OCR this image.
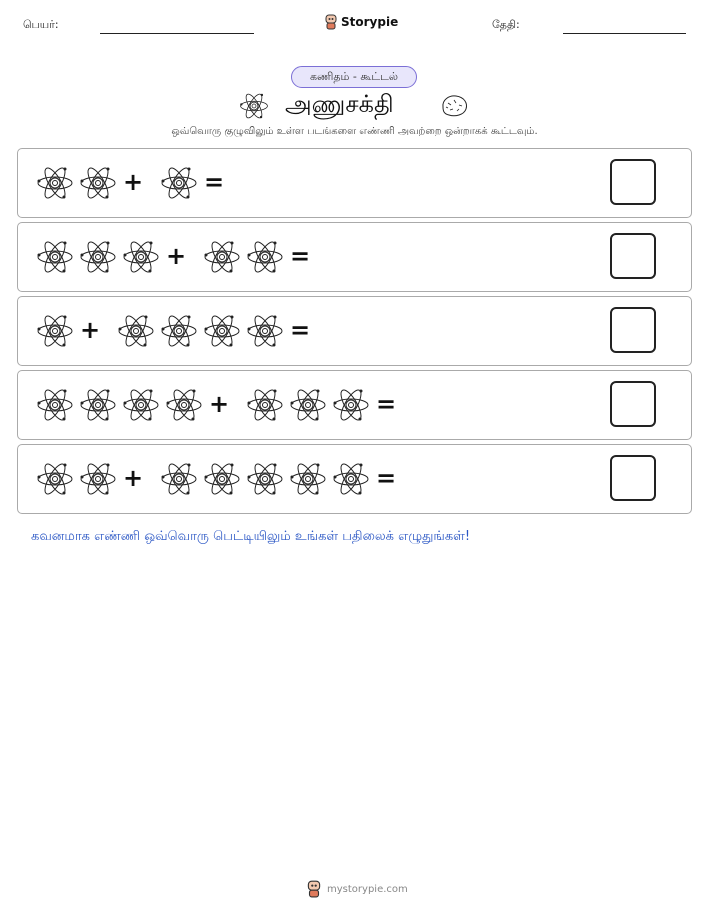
பெயர்:	Storypie	தேதி:
கணிதம் - கூட்டல்
அணுசக்தி
ஒவ்வொரு குழுவிலும் உள்ள படங்களை எண்ணி அவற்றை ஒன்றாகக் கூட்டவும்.
+	=
+	=
+	=
+	=
+	=
கவனமாக எண்ணி ஒவ்வொரு பெட்டியிலும் உங்கள் பதிலைக் எழுதுங்கள்!
mystorypie.com
